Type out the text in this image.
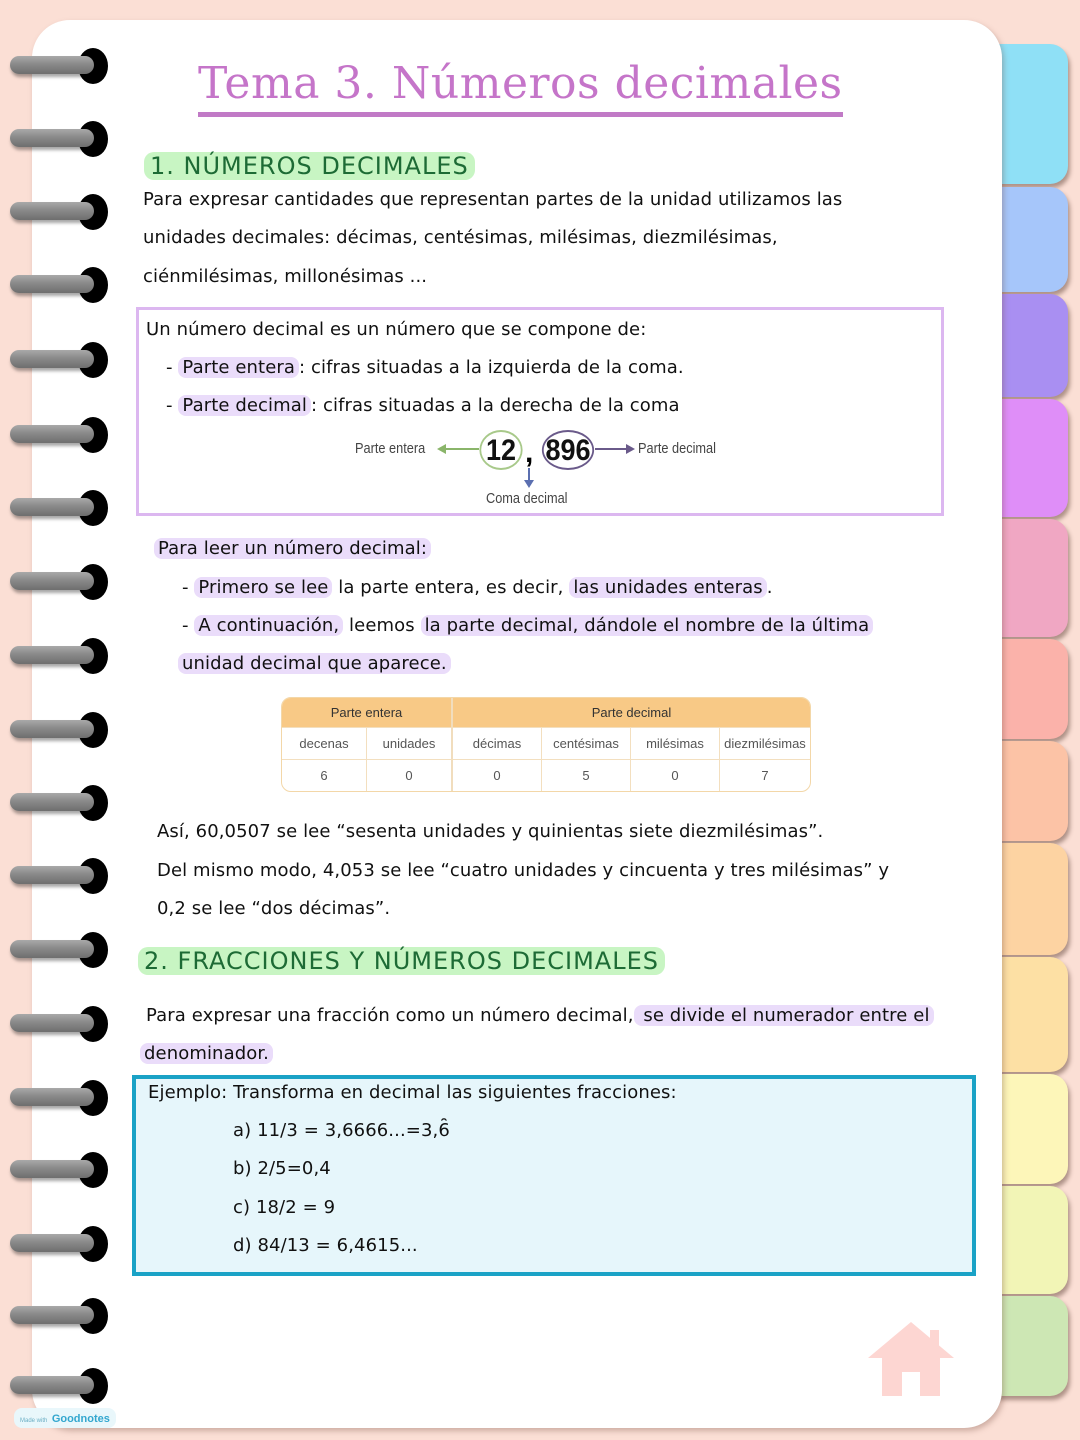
Tema 3. Números decimales
1. NÚMEROS DECIMALES
Para expresar cantidades que representan partes de la unidad utilizamos las
unidades decimales: décimas, centésimas, milésimas, diezmilésimas,
ciénmilésimas, millonésimas ...
Un número decimal es un número que se compone de:
- Parte entera : cifras situadas a la izquierda de la coma.
- Parte decimal : cifras situadas a la derecha de la coma
Parte entera 12 , 896	Parte decimal
Coma decimal
Para leer un número decimal:
- Primero se lee la parte entera, es decir, las unidades enteras .
- A continuación, leemos la parte decimal, dándole el nombre de la última
unidad decimal que aparece.
Parte entera		Parte decimal			
decenas	unidades	décimas	centésimas	milésimas	diezmilésimas
6	0	0	5	0	7
Así, 60,0507 se lee “sesenta unidades y quinientas siete diezmilésimas”.
Del mismo modo, 4,053 se lee “cuatro unidades y cincuenta y tres milésimas” y
0,2 se lee “dos décimas”.
2. FRACCIONES Y NÚMEROS DECIMALES
Para expresar una fracción como un número decimal, se divide el numerador entre el
denominador.
Ejemplo: Transforma en decimal las siguientes fracciones:
a) 11/3 = 3,6666...=3,6̑
b) 2/5=0,4
c) 18/2 = 9
d) 84/13 = 6,4615...
Made with Goodnotes
